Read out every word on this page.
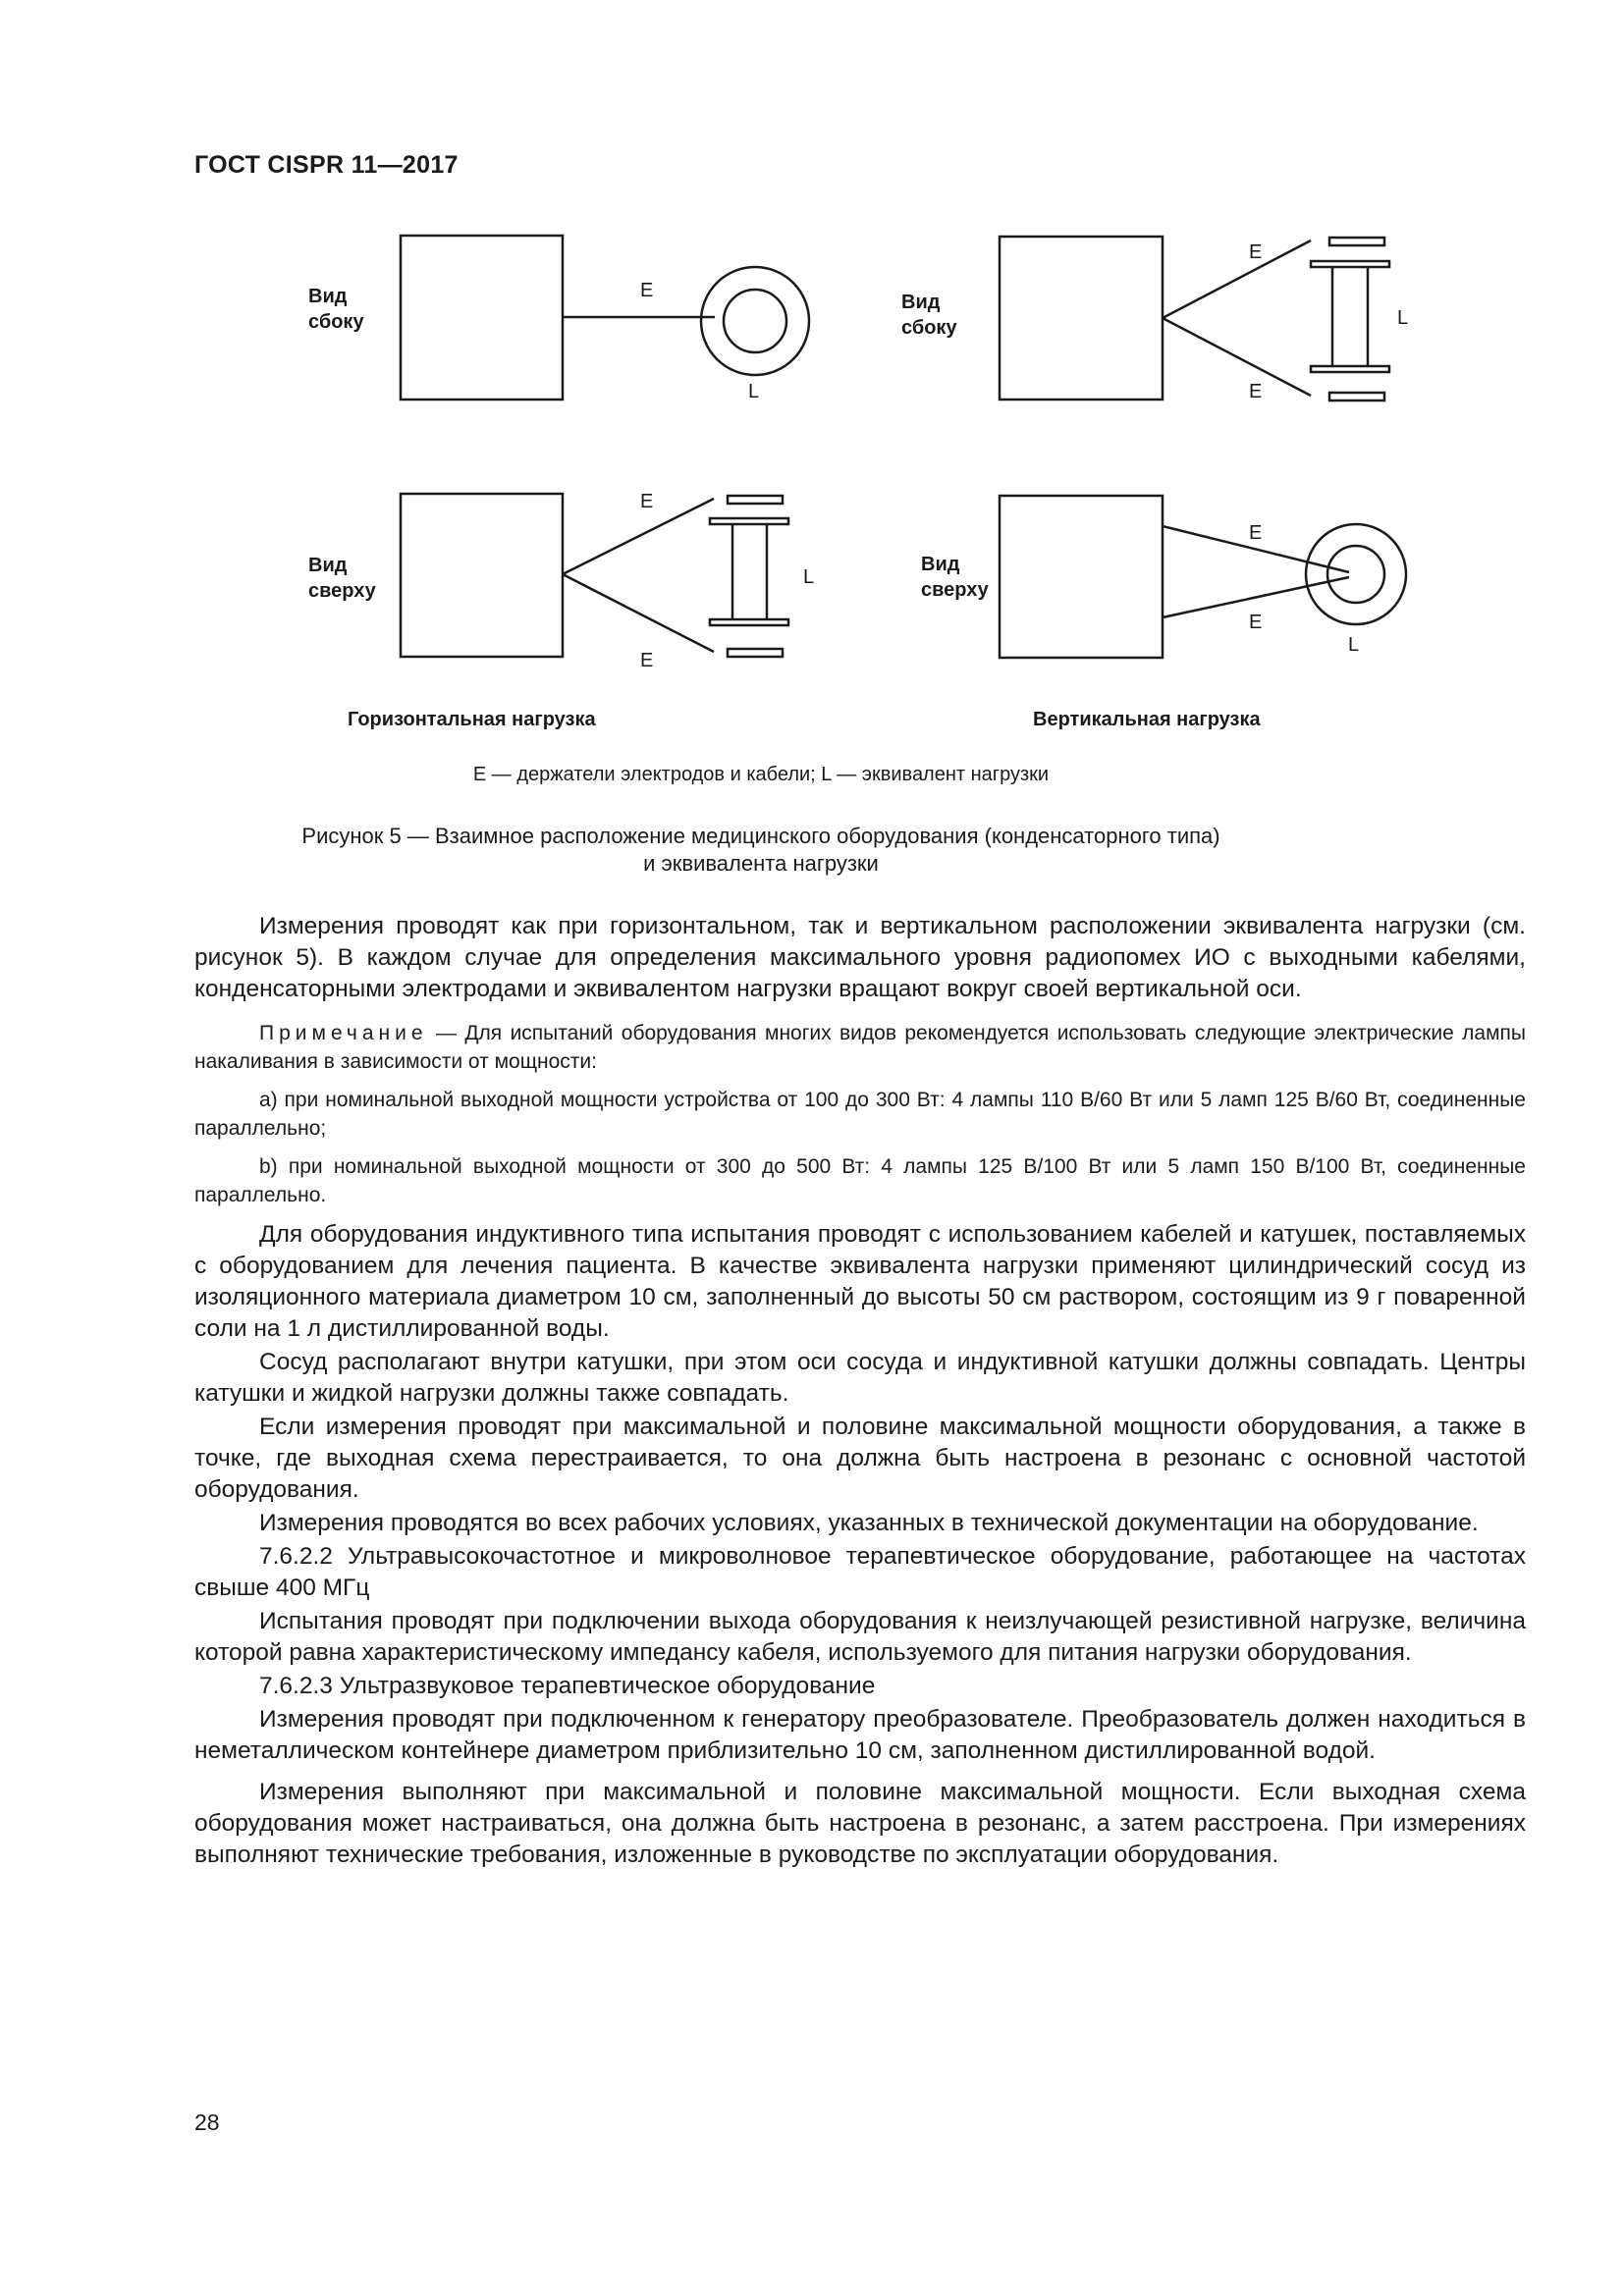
ГОСТ CISPR 11—2017
Вид
сбоку
E
L
Вид
сбоку
E
E
L
Вид
сверху
E
E
L
Вид
сверху
E
E
L
Горизонтальная нагрузка	Вертикальная нагрузка
E — держатели электродов и кабели; L — эквивалент нагрузки
Рисунок 5 — Взаимное расположение медицинского оборудования (конденсаторного типа)
и эквивалента нагрузки

Измерения проводят как при горизонтальном, так и вертикальном расположении эквивалента нагрузки (см. рисунок 5). В каждом случае для определения максимального уровня радиопомех ИО с выходными кабелями, конденсаторными электродами и эквивалентом нагрузки вращают вокруг своей вертикальной оси.

Примечание — Для испытаний оборудования многих видов рекомендуется использовать следующие электрические лампы накаливания в зависимости от мощности:

a) при номинальной выходной мощности устройства от 100 до 300 Вт: 4 лампы 110 В/60 Вт или 5 ламп 125 В/60 Вт, соединенные параллельно;

b) при номинальной выходной мощности от 300 до 500 Вт: 4 лампы 125 В/100 Вт или 5 ламп 150 В/100 Вт, соединенные параллельно.

Для оборудования индуктивного типа испытания проводят с использованием кабелей и катушек, поставляемых с оборудованием для лечения пациента. В качестве эквивалента нагрузки применяют цилиндрический сосуд из изоляционного материала диаметром 10 см, заполненный до высоты 50 см раствором, состоящим из 9 г поваренной соли на 1 л дистиллированной воды.

Сосуд располагают внутри катушки, при этом оси сосуда и индуктивной катушки должны совпадать. Центры катушки и жидкой нагрузки должны также совпадать.

Если измерения проводят при максимальной и половине максимальной мощности оборудования, а также в точке, где выходная схема перестраивается, то она должна быть настроена в резонанс с основной частотой оборудования.

Измерения проводятся во всех рабочих условиях, указанных в технической документации на оборудование.

7.6.2.2 Ультравысокочастотное и микроволновое терапевтическое оборудование, работающее на частотах свыше 400 МГц

Испытания проводят при подключении выхода оборудования к неизлучающей резистивной нагрузке, величина которой равна характеристическому импедансу кабеля, используемого для питания нагрузки оборудования.

7.6.2.3 Ультразвуковое терапевтическое оборудование

Измерения проводят при подключенном к генератору преобразователе. Преобразователь должен находиться в неметаллическом контейнере диаметром приблизительно 10 см, заполненном дистиллированной водой.

Измерения выполняют при максимальной и половине максимальной мощности. Если выходная схема оборудования может настраиваться, она должна быть настроена в резонанс, а затем расстроена. При измерениях выполняют технические требования, изложенные в руководстве по эксплуатации оборудования.

28
